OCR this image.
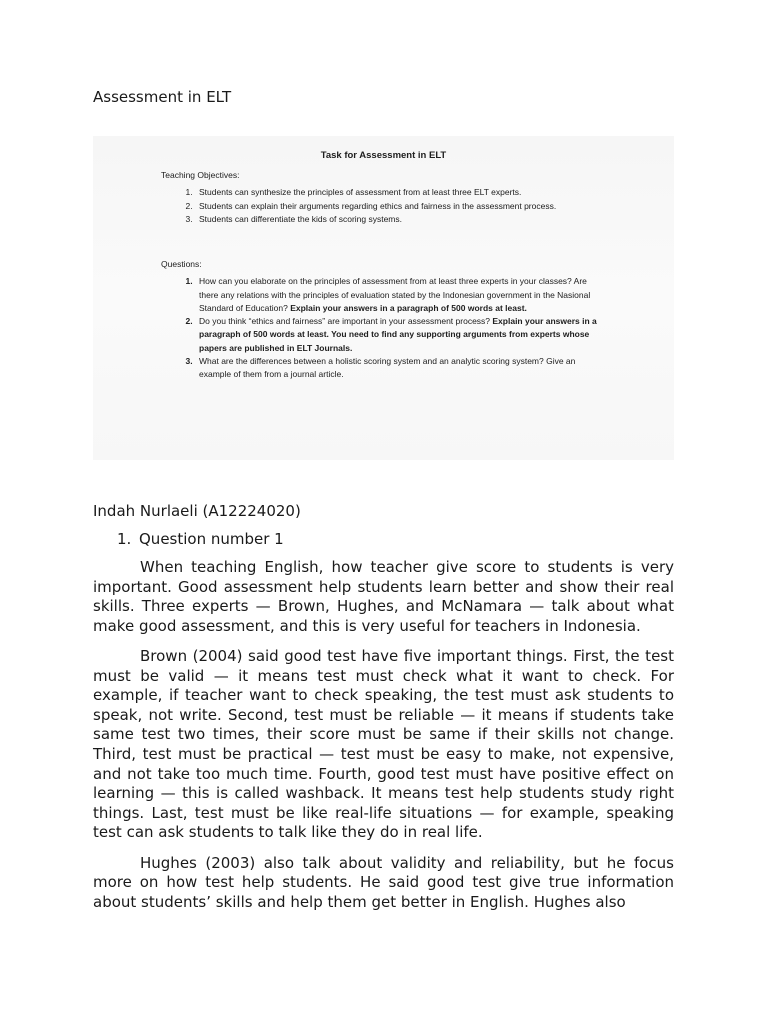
Assessment in ELT
Task for Assessment in ELT
Teaching Objectives:
1. Students can synthesize the principles of assessment from at least three ELT experts.
2. Students can explain their arguments regarding ethics and fairness in the assessment process.
3. Students can differentiate the kids of scoring systems.
Questions:
1. How can you elaborate on the principles of assessment from at least three experts in your classes? Are there any relations with the principles of evaluation stated by the Indonesian government in the Nasional Standard of Education? Explain your answers in a paragraph of 500 words at least.
2. Do you think “ethics and fairness” are important in your assessment process? Explain your answers in a paragraph of 500 words at least. You need to find any supporting arguments from experts whose papers are published in ELT Journals.
3. What are the differences between a holistic scoring system and an analytic scoring system? Give an example of them from a journal article.
Indah Nurlaeli (A12224020)
1. Question number 1

When teaching English, how teacher give score to students is very important. Good assessment help students learn better and show their real skills. Three experts — Brown, Hughes, and McNamara — talk about what make good assessment, and this is very useful for teachers in Indonesia.

Brown (2004) said good test have five important things. First, the test must be valid — it means test must check what it want to check. For example, if teacher want to check speaking, the test must ask students to speak, not write. Second, test must be reliable — it means if students take same test two times, their score must be same if their skills not change. Third, test must be practical — test must be easy to make, not expensive, and not take too much time. Fourth, good test must have positive effect on learning — this is called washback. It means test help students study right things. Last, test must be like real-life situations — for example, speaking test can ask students to talk like they do in real life.

Hughes (2003) also talk about validity and reliability, but he focus more on how test help students. He said good test give true information about students’ skills and help them get better in English. Hughes also
